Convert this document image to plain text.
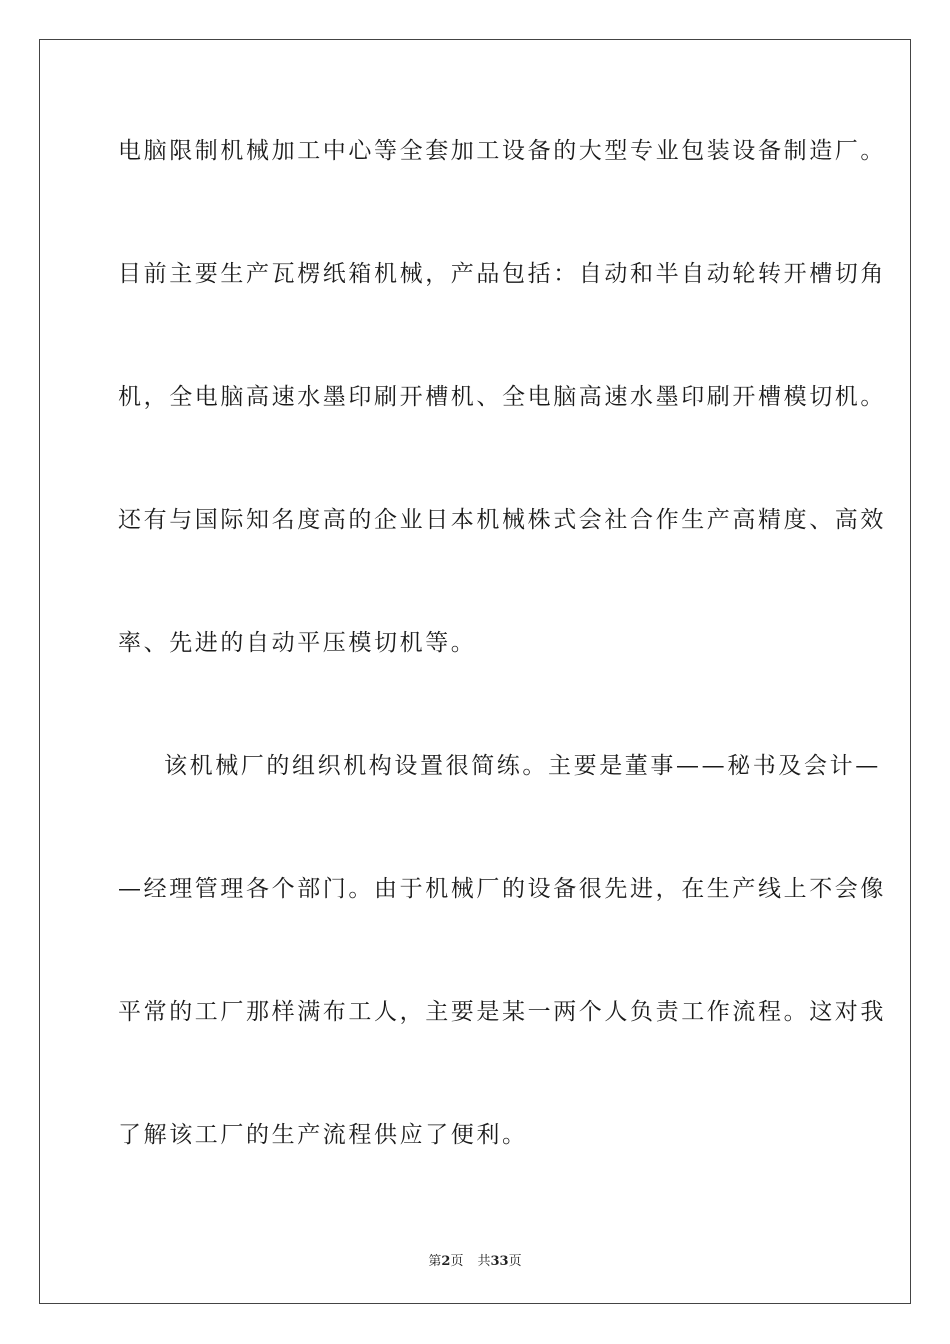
电脑限制机械加工中心等全套加工设备的大型专业包装设备制造厂。
目前主要生产瓦楞纸箱机械，产品包括：自动和半自动轮转开槽切角
机，全电脑高速水墨印刷开槽机、全电脑高速水墨印刷开槽模切机。
还有与国际知名度高的企业日本机械株式会社合作生产高精度、高效
率、先进的自动平压模切机等。
该机械厂的组织机构设置很简练。主要是董事——秘书及会计—
—经理管理各个部门。由于机械厂的设备很先进，在生产线上不会像
平常的工厂那样满布工人，主要是某一两个人负责工作流程。这对我
了解该工厂的生产流程供应了便利。
第2页 共33页
